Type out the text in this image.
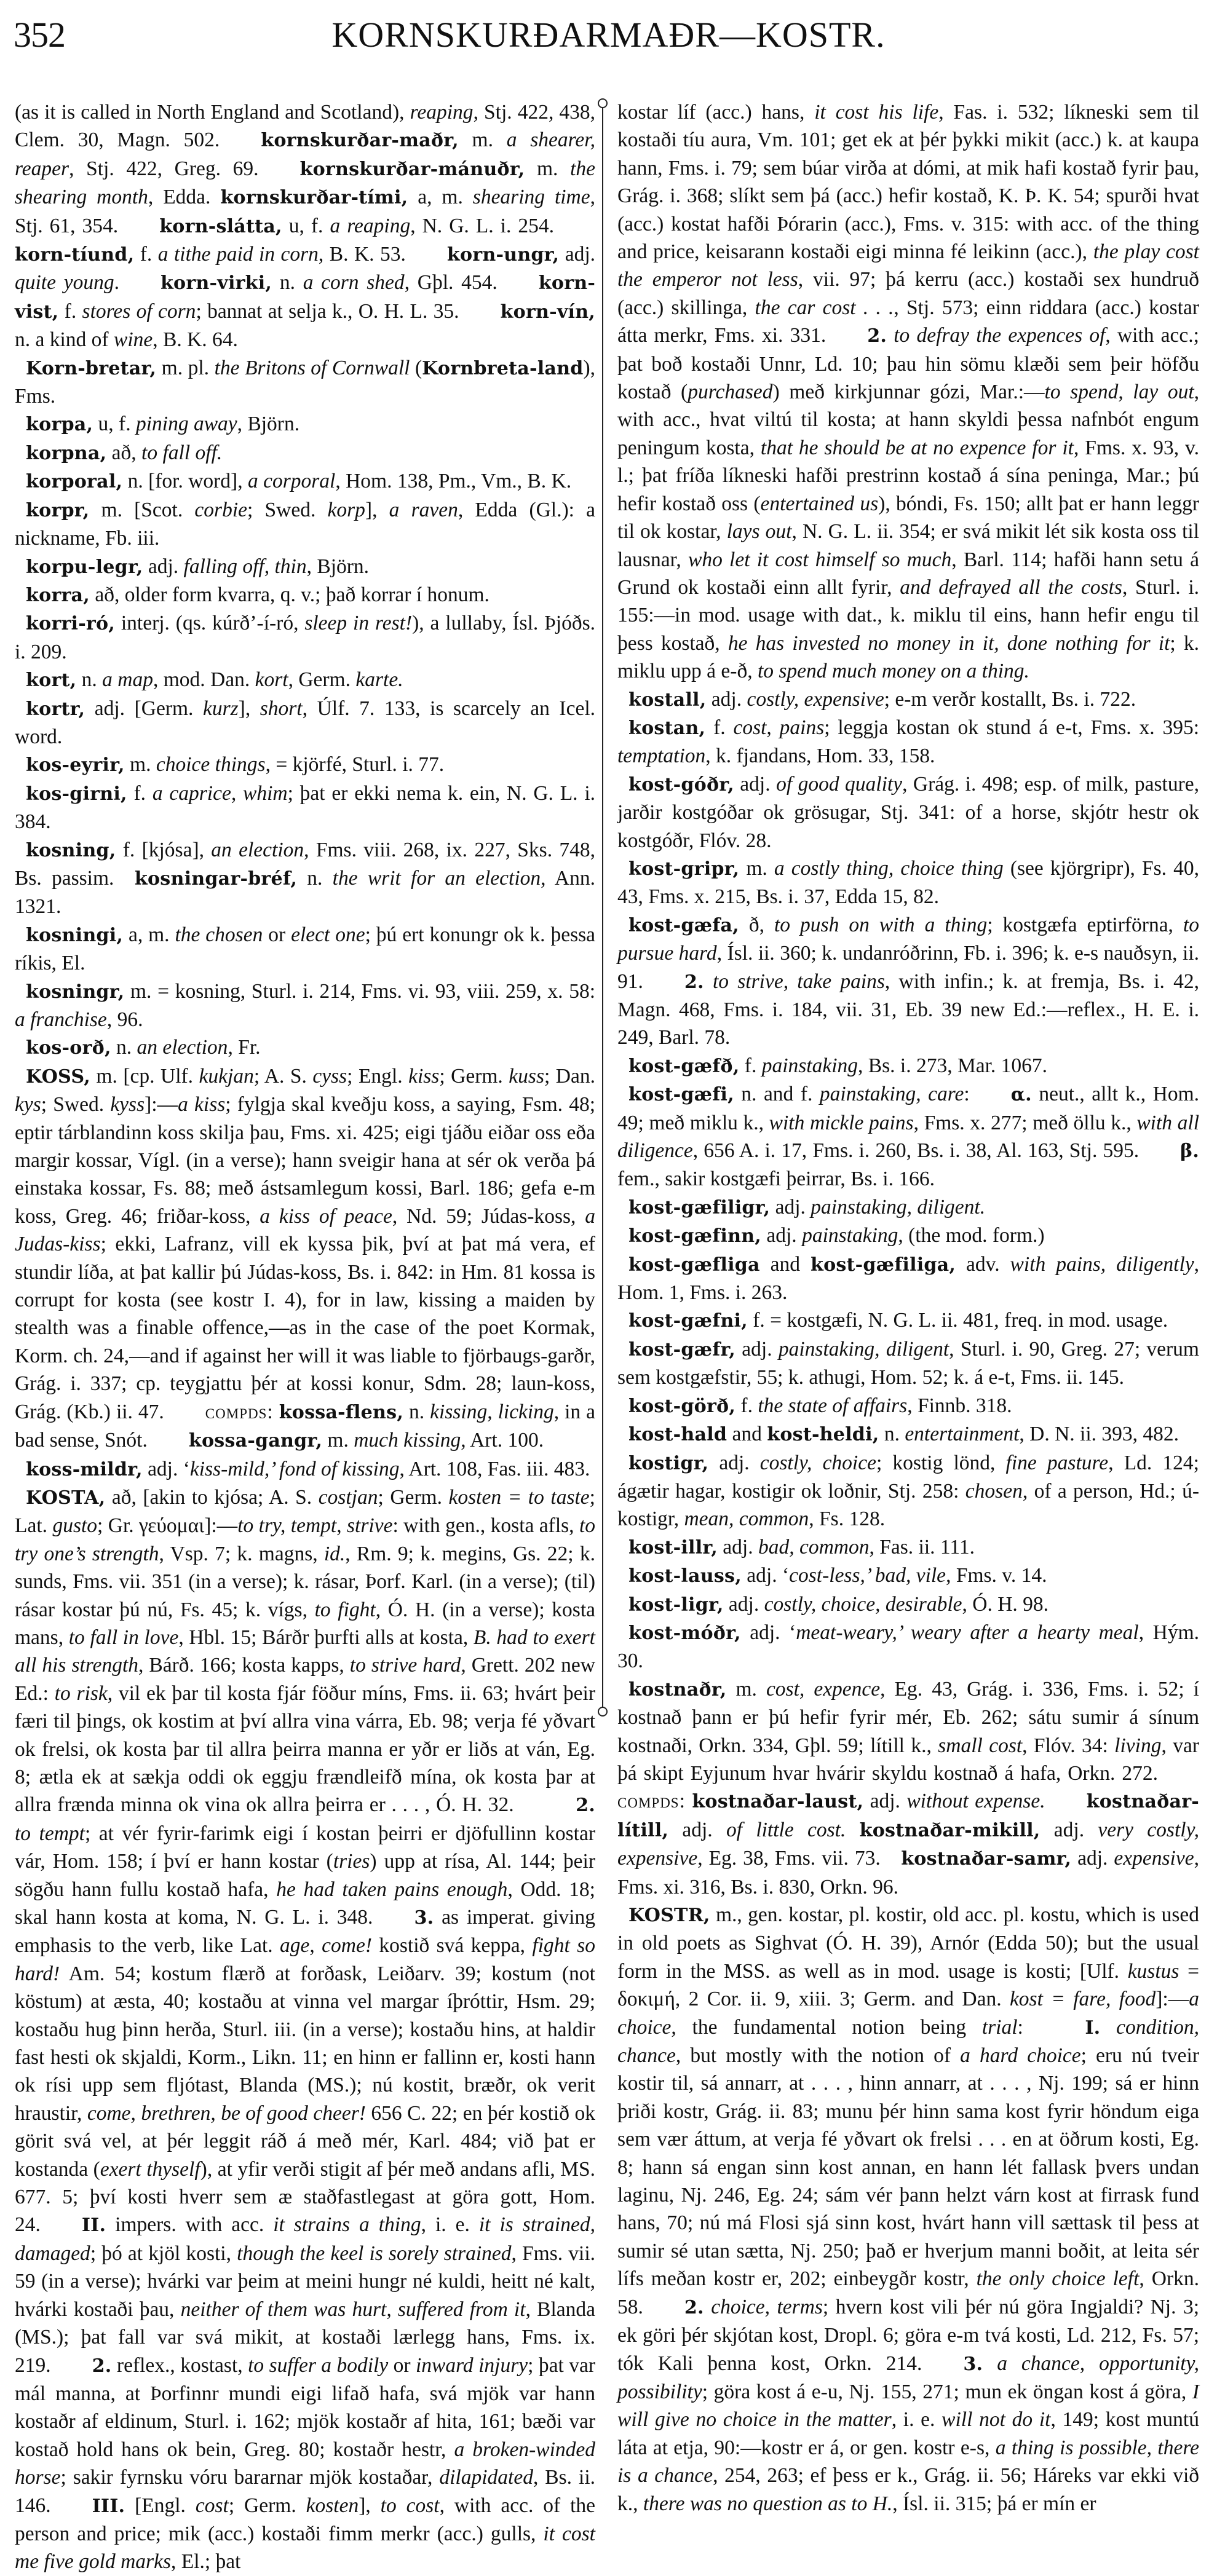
352	KORNSKURÐARMAÐR—KOSTR.

(as it is called in North England and Scotland), reaping, Stj. 422, 438, Clem. 30, Magn. 502.  kornskurðar-maðr, m. a shearer, reaper, Stj. 422, Greg. 69.  kornskurðar-mánuðr, m. the shearing month, Edda. kornskurðar-tími, a, m. shearing time, Stj. 61, 354.  korn-slátta, u, f. a reaping, N. G. L. i. 254.  korn-tíund, f. a tithe paid in corn, B. K. 53.  korn-ungr, adj. quite young.  korn-virki, n. a corn shed, Gþl. 454.  korn-vist, f. stores of corn; bannat at selja k., O. H. L. 35.  korn-vín, n. a kind of wine, B. K. 64.

Korn-bretar, m. pl. the Britons of Cornwall (Kornbreta-land), Fms.

korpa, u, f. pining away, Björn.

korpna, að, to fall off.

korporal, n. [for. word], a corporal, Hom. 138, Pm., Vm., B. K.

korpr, m. [Scot. corbie; Swed. korp], a raven, Edda (Gl.): a nickname, Fb. iii.

korpu-legr, adj. falling off, thin, Björn.

korra, að, older form kvarra, q. v.; það korrar í honum.

korri-ró, interj. (qs. kúrð’-í-ró, sleep in rest!), a lullaby, Ísl. Þjóðs. i. 209.

kort, n. a map, mod. Dan. kort, Germ. karte.

kortr, adj. [Germ. kurz], short, Úlf. 7. 133, is scarcely an Icel. word.

kos-eyrir, m. choice things, = kjörfé, Sturl. i. 77.

kos-girni, f. a caprice, whim; þat er ekki nema k. ein, N. G. L. i. 384.

kosning, f. [kjósa], an election, Fms. viii. 268, ix. 227, Sks. 748, Bs. passim. kosningar-bréf, n. the writ for an election, Ann. 1321.

kosningi, a, m. the chosen or elect one; þú ert konungr ok k. þessa ríkis, El.

kosningr, m. = kosning, Sturl. i. 214, Fms. vi. 93, viii. 259, x. 58: a franchise, 96.

kos-orð, n. an election, Fr.

KOSS, m. [cp. Ulf. kukjan; A. S. cyss; Engl. kiss; Germ. kuss; Dan. kys; Swed. kyss]:—a kiss; fylgja skal kveðju koss, a saying, Fsm. 48; eptir tárblandinn koss skilja þau, Fms. xi. 425; eigi tjáðu eiðar oss eða margir kossar, Vígl. (in a verse); hann sveigir hana at sér ok verða þá einstaka kossar, Fs. 88; með ástsamlegum kossi, Barl. 186; gefa e-m koss, Greg. 46; friðar-koss, a kiss of peace, Nd. 59; Júdas-koss, a Judas-kiss; ekki, Lafranz, vill ek kyssa þik, því at þat má vera, ef stundir líða, at þat kallir þú Júdas-koss, Bs. i. 842: in Hm. 81 kossa is corrupt for kosta (see kostr I. 4), for in law, kissing a maiden by stealth was a finable offence,—as in the case of the poet Kormak, Korm. ch. 24,—and if against her will it was liable to fjörbaugs-garðr, Grág. i. 337; cp. teygjattu þér at kossi konur, Sdm. 28; laun-koss, Grág. (Kb.) ii. 47.  compds: kossa-flens, n. kissing, licking, in a bad sense, Snót.  kossa-gangr, m. much kissing, Art. 100.

koss-mildr, adj. ‘kiss-mild,’ fond of kissing, Art. 108, Fas. iii. 483.

KOSTA, að, [akin to kjósa; A. S. costjan; Germ. kosten = to taste; Lat. gusto; Gr. γεύομαι]:—to try, tempt, strive: with gen., kosta afls, to try one’s strength, Vsp. 7; k. magns, id., Rm. 9; k. megins, Gs. 22; k. sunds, Fms. vii. 351 (in a verse); k. rásar, Þorf. Karl. (in a verse); (til) rásar kostar þú nú, Fs. 45; k. vígs, to fight, Ó. H. (in a verse); kosta mans, to fall in love, Hbl. 15; Bárðr þurfti alls at kosta, B. had to exert all his strength, Bárð. 166; kosta kapps, to strive hard, Grett. 202 new Ed.: to risk, vil ek þar til kosta fjár föður míns, Fms. ii. 63; hvárt þeir færi til þings, ok kostim at því allra vina várra, Eb. 98; verja fé yðvart ok frelsi, ok kosta þar til allra þeirra manna er yðr er liðs at ván, Eg. 8; ætla ek at sækja oddi ok eggju frændleifð mína, ok kosta þar at allra frænda minna ok vina ok allra þeirra er . . . , Ó. H. 32.   2. to tempt; at vér fyrir-farimk eigi í kostan þeirri er djöfullinn kostar vár, Hom. 158; í því er hann kostar (tries) upp at rísa, Al. 144; þeir sögðu hann fullu kostað hafa, he had taken pains enough, Odd. 18; skal hann kosta at koma, N. G. L. i. 348.  3. as imperat. giving emphasis to the verb, like Lat. age, come! kostið svá keppa, fight so hard! Am. 54; kostum flærð at forðask, Leiðarv. 39; kostum (not köstum) at æsta, 40; kostaðu at vinna vel margar íþróttir, Hsm. 29; kostaðu hug þinn herða, Sturl. iii. (in a verse); kostaðu hins, at haldir fast hesti ok skjaldi, Korm., Likn. 11; en hinn er fallinn er, kosti hann ok rísi upp sem fljótast, Blanda (MS.); nú kostit, bræðr, ok verit hraustir, come, brethren, be of good cheer! 656 C. 22; en þér kostið ok görit svá vel, at þér leggit ráð á með mér, Karl. 484; við þat er kostanda (exert thyself), at yfir verði stigit af þér með andans afli, MS. 677. 5; því kosti hverr sem æ staðfastlegast at göra gott, Hom. 24.  II. impers. with acc. it strains a thing, i. e. it is strained, damaged; þó at kjöl kosti, though the keel is sorely strained, Fms. vii. 59 (in a verse); hvárki var þeim at meini hungr né kuldi, heitt né kalt, hvárki kostaði þau, neither of them was hurt, suffered from it, Blanda (MS.); þat fall var svá mikit, at kostaði lærlegg hans, Fms. ix. 219.  2. reflex., kostast, to suffer a bodily or inward injury; þat var mál manna, at Þorfinnr mundi eigi lifað hafa, svá mjök var hann kostaðr af eldinum, Sturl. i. 162; mjök kostaðr af hita, 161; bæði var kostað hold hans ok bein, Greg. 80; kostaðr hestr, a broken-winded horse; sakir fyrnsku vóru bararnar mjök kostaðar, dilapidated, Bs. ii. 146.  III. [Engl. cost; Germ. kosten], to cost, with acc. of the person and price; mik (acc.) kostaði fimm merkr (acc.) gulls, it cost me five gold marks, El.; þat

kostar líf (acc.) hans, it cost his life, Fas. i. 532; líkneski sem til kostaði tíu aura, Vm. 101; get ek at þér þykki mikit (acc.) k. at kaupa hann, Fms. i. 79; sem búar virða at dómi, at mik hafi kostað fyrir þau, Grág. i. 368; slíkt sem þá (acc.) hefir kostað, K. Þ. K. 54; spurði hvat (acc.) kostat hafði Þórarin (acc.), Fms. v. 315: with acc. of the thing and price, keisarann kostaði eigi minna fé leikinn (acc.), the play cost the emperor not less, vii. 97; þá kerru (acc.) kostaði sex hundruð (acc.) skillinga, the car cost . . ., Stj. 573; einn riddara (acc.) kostar átta merkr, Fms. xi. 331.  2. to defray the expences of, with acc.; þat boð kostaði Unnr, Ld. 10; þau hin sömu klæði sem þeir höfðu kostað (purchased) með kirkjunnar gózi, Mar.:—to spend, lay out, with acc., hvat viltú til kosta; at hann skyldi þessa nafnbót engum peningum kosta, that he should be at no expence for it, Fms. x. 93, v. l.; þat fríða líkneski hafði prestrinn kostað á sína peninga, Mar.; þú hefir kostað oss (entertained us), bóndi, Fs. 150; allt þat er hann leggr til ok kostar, lays out, N. G. L. ii. 354; er svá mikit lét sik kosta oss til lausnar, who let it cost himself so much, Barl. 114; hafði hann setu á Grund ok kostaði einn allt fyrir, and defrayed all the costs, Sturl. i. 155:—in mod. usage with dat., k. miklu til eins, hann hefir engu til þess kostað, he has invested no money in it, done nothing for it; k. miklu upp á e-ð, to spend much money on a thing.

kostall, adj. costly, expensive; e-m verðr kostallt, Bs. i. 722.

kostan, f. cost, pains; leggja kostan ok stund á e-t, Fms. x. 395: temptation, k. fjandans, Hom. 33, 158.

kost-góðr, adj. of good quality, Grág. i. 498; esp. of milk, pasture, jarðir kostgóðar ok grösugar, Stj. 341: of a horse, skjótr hestr ok kostgóðr, Flóv. 28.

kost-gripr, m. a costly thing, choice thing (see kjörgripr), Fs. 40, 43, Fms. x. 215, Bs. i. 37, Edda 15, 82.

kost-gæfa, ð, to push on with a thing; kostgæfa eptirförna, to pursue hard, Ísl. ii. 360; k. undanróðrinn, Fb. i. 396; k. e-s nauðsyn, ii. 91.  2. to strive, take pains, with infin.; k. at fremja, Bs. i. 42, Magn. 468, Fms. i. 184, vii. 31, Eb. 39 new Ed.:—reflex., H. E. i. 249, Barl. 78.

kost-gæfð, f. painstaking, Bs. i. 273, Mar. 1067.

kost-gæfi, n. and f. painstaking, care:  α. neut., allt k., Hom. 49; með miklu k., with mickle pains, Fms. x. 277; með öllu k., with all diligence, 656 A. i. 17, Fms. i. 260, Bs. i. 38, Al. 163, Stj. 595.  β. fem., sakir kostgæfi þeirrar, Bs. i. 166.

kost-gæfiligr, adj. painstaking, diligent.

kost-gæfinn, adj. painstaking, (the mod. form.)

kost-gæfliga and kost-gæfiliga, adv. with pains, diligently, Hom. 1, Fms. i. 263.

kost-gæfni, f. = kostgæfi, N. G. L. ii. 481, freq. in mod. usage.

kost-gæfr, adj. painstaking, diligent, Sturl. i. 90, Greg. 27; verum sem kostgæfstir, 55; k. athugi, Hom. 52; k. á e-t, Fms. ii. 145.

kost-görð, f. the state of affairs, Finnb. 318.

kost-hald and kost-heldi, n. entertainment, D. N. ii. 393, 482.

kostigr, adj. costly, choice; kostig lönd, fine pasture, Ld. 124; ágætir hagar, kostigir ok loðnir, Stj. 258: chosen, of a person, Hd.; ú-kostigr, mean, common, Fs. 128.

kost-illr, adj. bad, common, Fas. ii. 111.

kost-lauss, adj. ‘cost-less,’ bad, vile, Fms. v. 14.

kost-ligr, adj. costly, choice, desirable, Ó. H. 98.

kost-móðr, adj. ‘meat-weary,’ weary after a hearty meal, Hým. 30.

kostnaðr, m. cost, expence, Eg. 43, Grág. i. 336, Fms. i. 52; í kostnað þann er þú hefir fyrir mér, Eb. 262; sátu sumir á sínum kostnaði, Orkn. 334, Gþl. 59; lítill k., small cost, Flóv. 34: living, var þá skipt Eyjunum hvar hvárir skyldu kostnað á hafa, Orkn. 272.  compds: kostnaðar-laust, adj. without expense.   kostnaðar-lítill, adj. of little cost. kostnaðar-mikill, adj. very costly, expensive, Eg. 38, Fms. vii. 73. kostnaðar-samr, adj. expensive, Fms. xi. 316, Bs. i. 830, Orkn. 96.

KOSTR, m., gen. kostar, pl. kostir, old acc. pl. kostu, which is used in old poets as Sighvat (Ó. H. 39), Arnór (Edda 50); but the usual form in the MSS. as well as in mod. usage is kosti; [Ulf. kustus = δοκιμή, 2 Cor. ii. 9, xiii. 3; Germ. and Dan. kost = fare, food]:—a choice, the fundamental notion being trial:   I. condition, chance, but mostly with the notion of a hard choice; eru nú tveir kostir til, sá annarr, at . . . , hinn annarr, at . . . , Nj. 199; sá er hinn þriði kostr, Grág. ii. 83; munu þér hinn sama kost fyrir höndum eiga sem vær áttum, at verja fé yðvart ok frelsi . . . en at öðrum kosti, Eg. 8; hann sá engan sinn kost annan, en hann lét fallask þvers undan laginu, Nj. 246, Eg. 24; sám vér þann helzt várn kost at firrask fund hans, 70; nú má Flosi sjá sinn kost, hvárt hann vill sættask til þess at sumir sé utan sætta, Nj. 250; það er hverjum manni boðit, at leita sér lífs meðan kostr er, 202; einbeygðr kostr, the only choice left, Orkn. 58.  2. choice, terms; hvern kost vili þér nú göra Ingjaldi? Nj. 3; ek göri þér skjótan kost, Dropl. 6; göra e-m tvá kosti, Ld. 212, Fs. 57; tók Kali þenna kost, Orkn. 214.  3. a chance, opportunity, possibility; göra kost á e-u, Nj. 155, 271; mun ek öngan kost á göra, I will give no choice in the matter, i. e. will not do it, 149; kost muntú láta at etja, 90:—kostr er á, or gen. kostr e-s, a thing is possible, there is a chance, 254, 263; ef þess er k., Grág. ii. 56; Háreks var ekki við k., there was no question as to H., Ísl. ii. 315; þá er mín er
